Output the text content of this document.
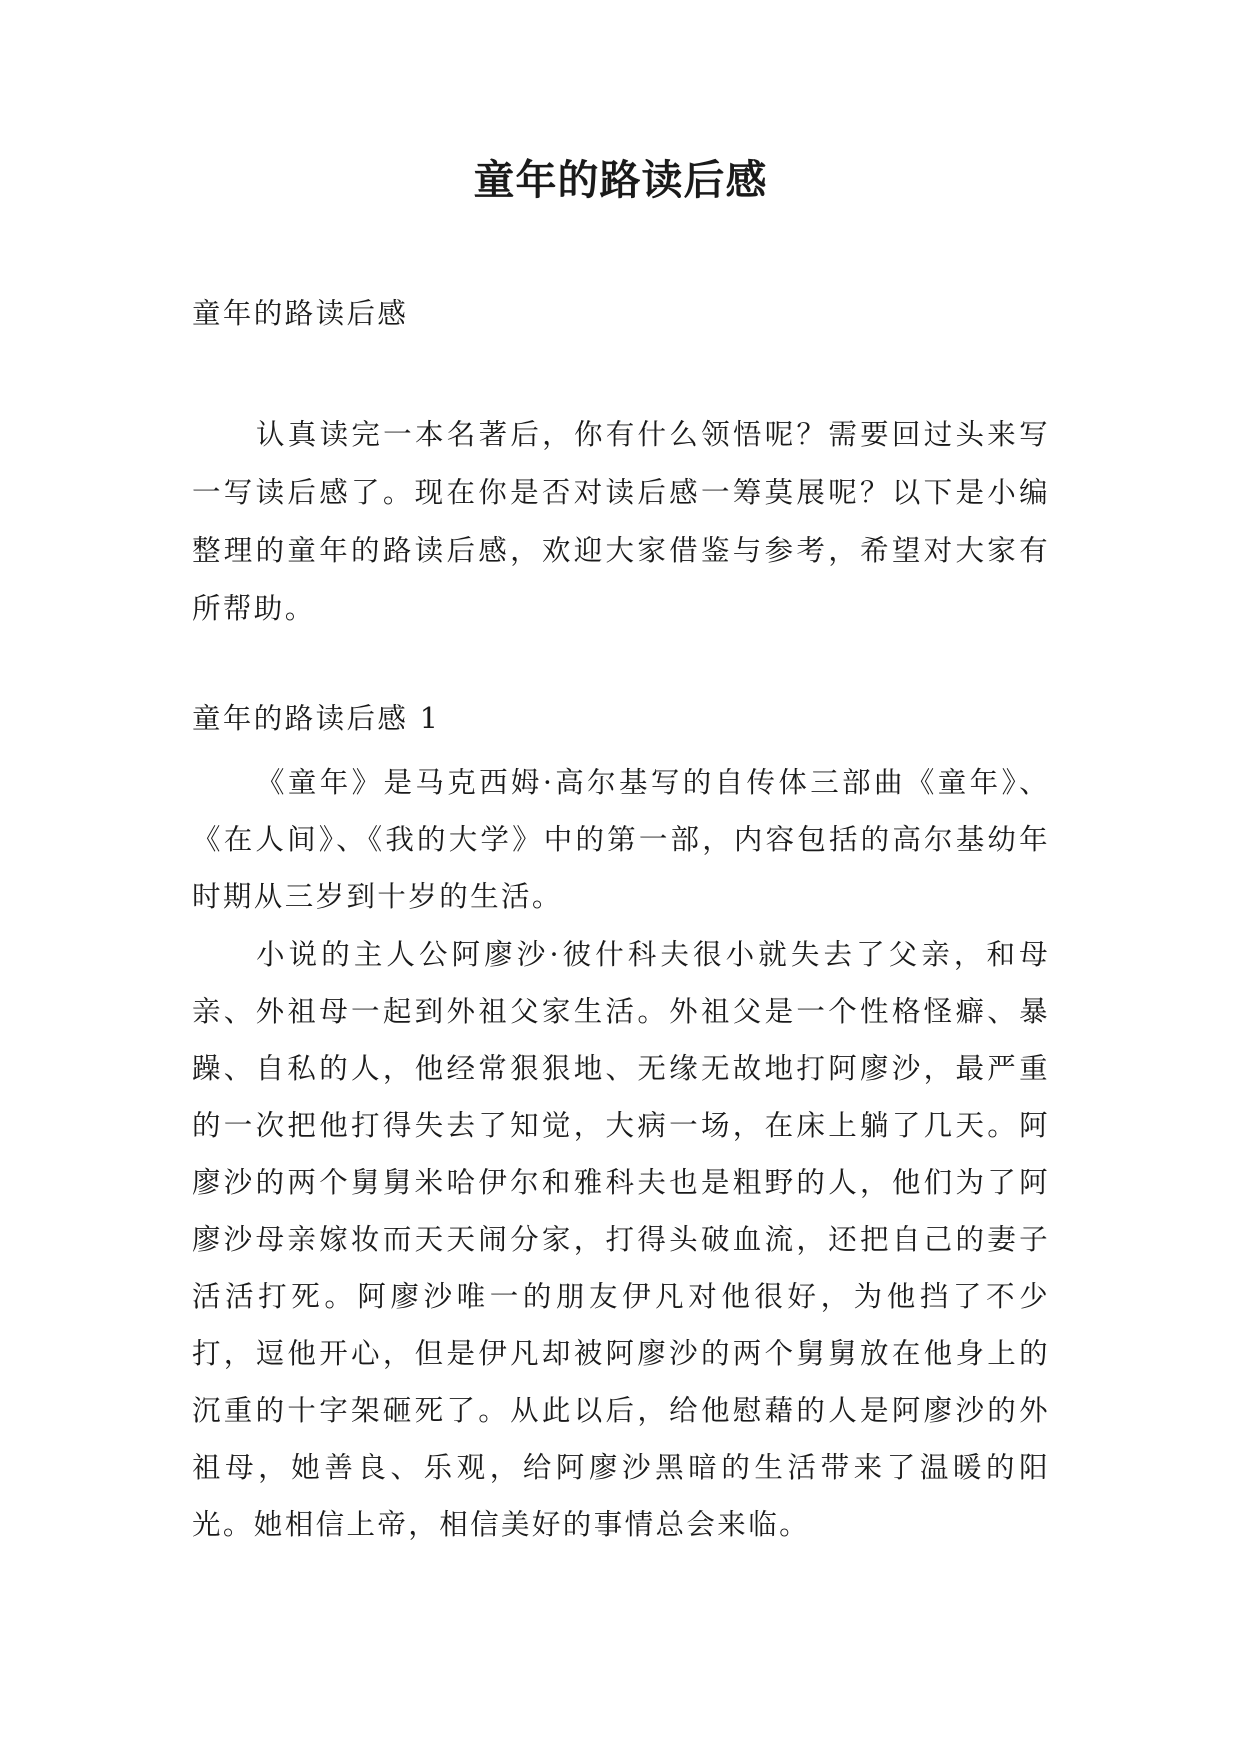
童年的路读后感

童年的路读后感

认真读完一本名著后，你有什么领悟呢？需要回过头来写一写读后感了。现在你是否对读后感一筹莫展呢？以下是小编整理的童年的路读后感，欢迎大家借鉴与参考，希望对大家有所帮助。

童年的路读后感 1

《童年》是马克西姆·高尔基写的自传体三部曲《童年》、《在人间》、《我的大学》中的第一部，内容包括的高尔基幼年时期从三岁到十岁的生活。

小说的主人公阿廖沙·彼什科夫很小就失去了父亲，和母亲、外祖母一起到外祖父家生活。外祖父是一个性格怪癖、暴躁、自私的人，他经常狠狠地、无缘无故地打阿廖沙，最严重的一次把他打得失去了知觉，大病一场，在床上躺了几天。阿廖沙的两个舅舅米哈伊尔和雅科夫也是粗野的人，他们为了阿廖沙母亲嫁妆而天天闹分家，打得头破血流，还把自己的妻子活活打死。阿廖沙唯一的朋友伊凡对他很好，为他挡了不少打，逗他开心，但是伊凡却被阿廖沙的两个舅舅放在他身上的沉重的十字架砸死了。从此以后，给他慰藉的人是阿廖沙的外祖母，她善良、乐观，给阿廖沙黑暗的生活带来了温暖的阳光。她相信上帝，相信美好的事情总会来临。
